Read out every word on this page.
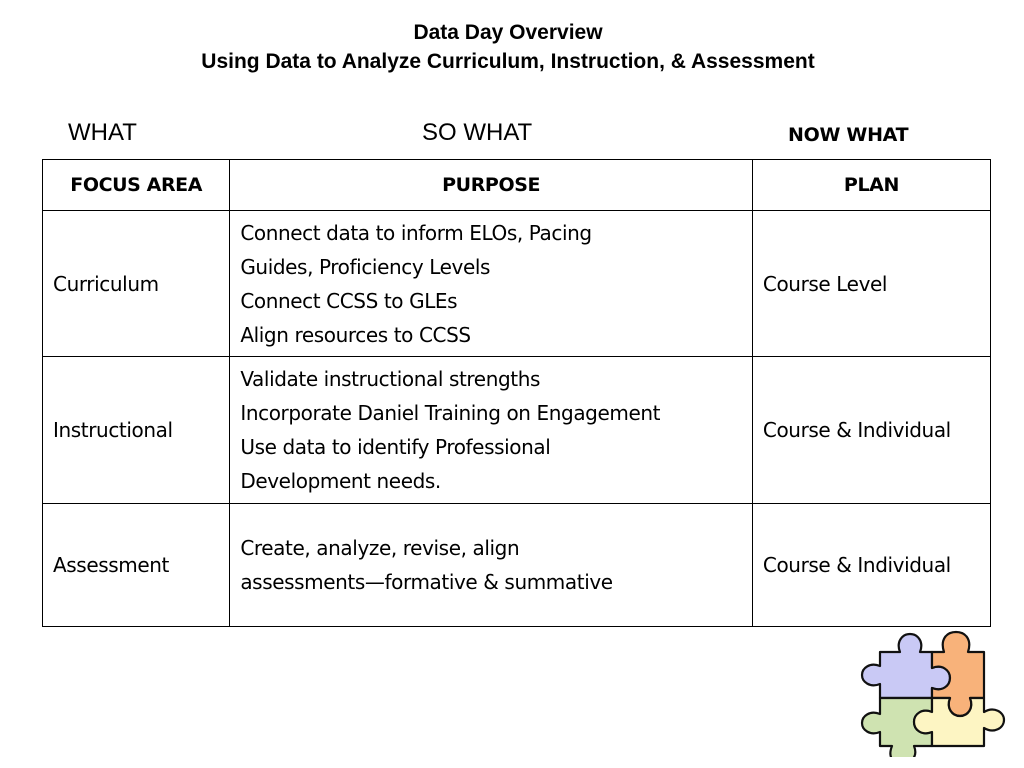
Data Day Overview
Using Data to Analyze Curriculum, Instruction, & Assessment
WHAT	SO WHAT	NOW WHAT
FOCUS AREA	PURPOSE	PLAN
Curriculum	Connect data to inform ELOs, Pacing
Guides, Proficiency Levels
Connect CCSS to GLEs
Align resources to CCSS	Course Level
Instructional	Validate instructional strengths
Incorporate Daniel Training on Engagement
Use data to identify Professional
Development needs.	Course & Individual
Assessment	Create, analyze, revise, align
assessments—formative & summative	Course & Individual
